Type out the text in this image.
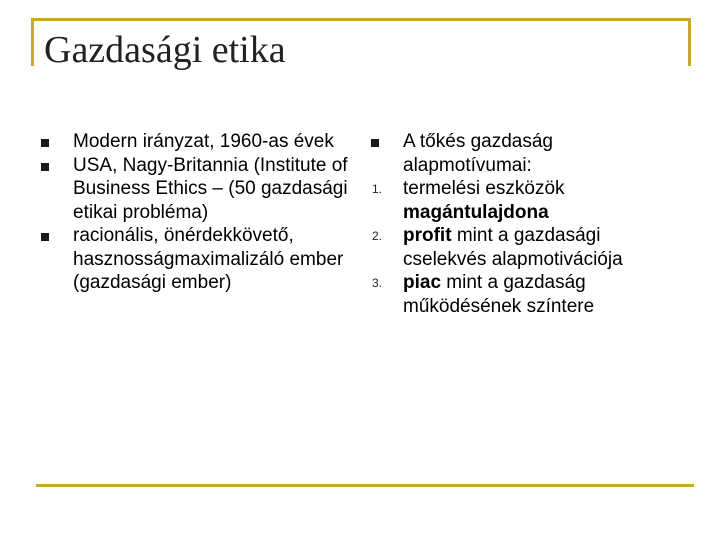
Gazdasági etika
Modern irányzat, 1960-as évek
USA, Nagy-Britannia (Institute of Business Ethics – (50 gazdasági etikai probléma)
racionális, önérdekkövető, hasznosságmaximalizáló ember (gazdasági ember)
A tőkés gazdaság alapmotívumai:
1. termelési eszközök magántulajdona
2. profit mint a gazdasági cselekvés alapmotivációja
3. piac mint a gazdaság működésének színtere
